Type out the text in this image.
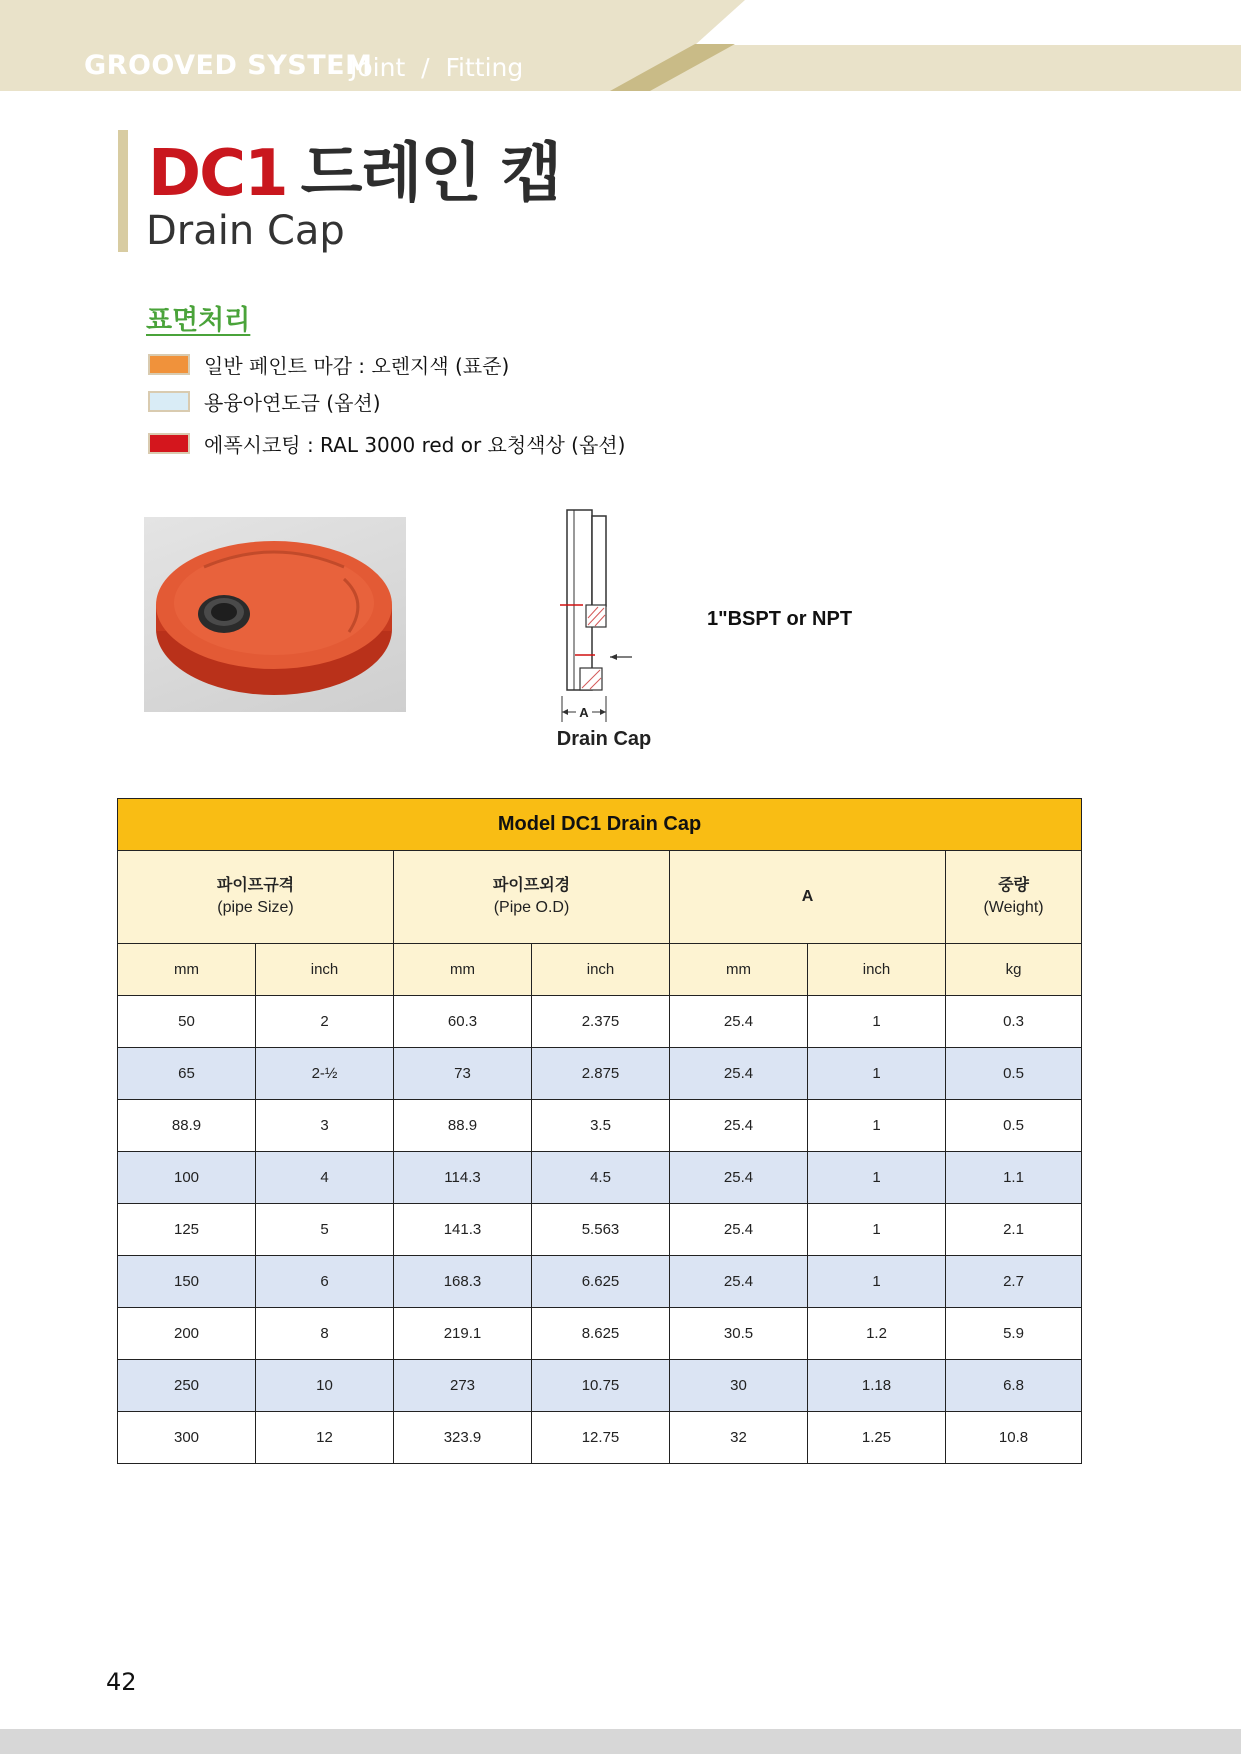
GROOVED SYSTEM
Joint  /  Fitting
DC1 드레인 캡
Drain Cap
표면처리
일반 페인트 마감 : 오렌지색 (표준)
용융아연도금 (옵션)
에폭시코팅 : RAL 3000 red or 요청색상 (옵션)
A
Drain Cap
1"BSPT or NPT
Model DC1 Drain Cap						
파이프규격
(pipe Size)		파이프외경
(Pipe O.D)		A		중량
(Weight)
mm	inch	mm	inch	mm	inch	kg
50	2	60.3	2.375	25.4	1	0.3
65	2-½	73	2.875	25.4	1	0.5
88.9	3	88.9	3.5	25.4	1	0.5
100	4	114.3	4.5	25.4	1	1.1
125	5	141.3	5.563	25.4	1	2.1
150	6	168.3	6.625	25.4	1	2.7
200	8	219.1	8.625	30.5	1.2	5.9
250	10	273	10.75	30	1.18	6.8
300	12	323.9	12.75	32	1.25	10.8
42
